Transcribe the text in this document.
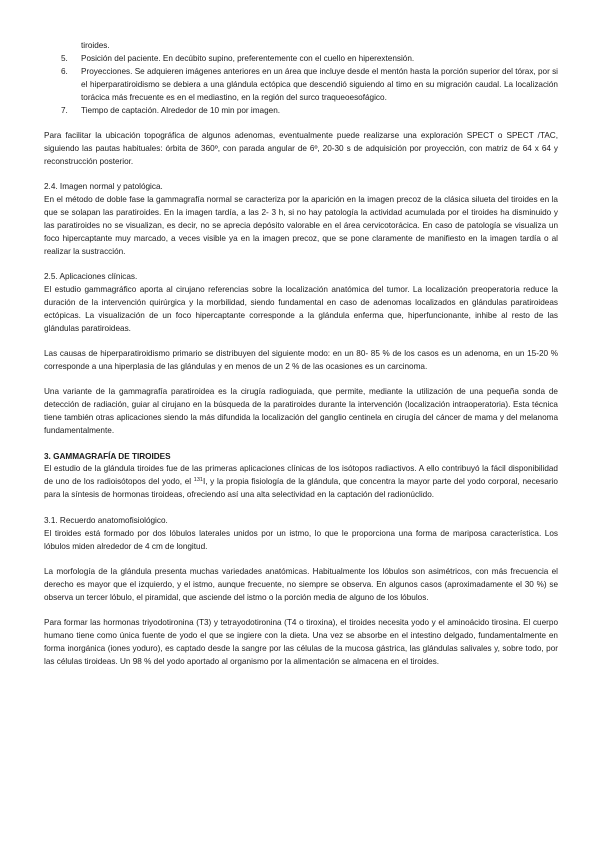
tiroides.
5. Posición del paciente. En decúbito supino, preferentemente con el cuello en hiperextensión.
6. Proyecciones. Se adquieren imágenes anteriores en un área que incluye desde el mentón hasta la porción superior del tórax, por si el hiperparatiroidismo se debiera a una glándula ectópica que descendió siguiendo al timo en su migración caudal. La localización torácica más frecuente es en el mediastino, en la región del surco traqueoesofágico.
7. Tiempo de captación. Alrededor de 10 min por imagen.

Para facilitar la ubicación topográfica de algunos adenomas, eventualmente puede realizarse una exploración SPECT o SPECT /TAC, siguiendo las pautas habituales: órbita de 360º, con parada angular de 6º, 20-30 s de adquisición por proyección, con matriz de 64 x 64 y reconstrucción posterior.

2.4. Imagen normal y patológica.

En el método de doble fase la gammagrafía normal se caracteriza por la aparición en la imagen precoz de la clásica silueta del tiroides en la que se solapan las paratiroides. En la imagen tardía, a las 2- 3 h, si no hay patología la actividad acumulada por el tiroides ha disminuido y las paratiroides no se visualizan, es decir, no se aprecia depósito valorable en el área cervicotorácica. En caso de patología se visualiza un foco hipercaptante muy marcado, a veces visible ya en la imagen precoz, que se pone claramente de manifiesto en la imagen tardía o al realizar la sustracción.

2.5. Aplicaciones clínicas.

El estudio gammagráfico aporta al cirujano referencias sobre la localización anatómica del tumor. La localización preoperatoria reduce la duración de la intervención quirúrgica y la morbilidad, siendo fundamental en caso de adenomas localizados en glándulas paratiroideas ectópicas. La visualización de un foco hipercaptante corresponde a la glándula enferma que, hiperfuncionante, inhibe al resto de las glándulas paratiroideas.

Las causas de hiperparatiroidismo primario se distribuyen del siguiente modo: en un 80- 85 % de los casos es un adenoma, en un 15-20 % corresponde a una hiperplasia de las glándulas y en menos de un 2 % de las ocasiones es un carcinoma.

Una variante de la gammagrafía paratiroidea es la cirugía radioguiada, que permite, mediante la utilización de una pequeña sonda de detección de radiación, guiar al cirujano en la búsqueda de la paratiroides durante la intervención (localización intraoperatoria). Esta técnica tiene también otras aplicaciones siendo la más difundida la localización del ganglio centinela en cirugía del cáncer de mama y del melanoma fundamentalmente.

3. GAMMAGRAFÍA DE TIROIDES

El estudio de la glándula tiroides fue de las primeras aplicaciones clínicas de los isótopos radiactivos. A ello contribuyó la fácil disponibilidad de uno de los radioisótopos del yodo, el $^{131}$I, y la propia fisiología de la glándula, que concentra la mayor parte del yodo corporal, necesario para la síntesis de hormonas tiroideas, ofreciendo así una alta selectividad en la captación del radionúclido.

3.1. Recuerdo anatomofisiológico.

El tiroides está formado por dos lóbulos laterales unidos por un istmo, lo que le proporciona una forma de mariposa característica. Los lóbulos miden alrededor de 4 cm de longitud.

La morfología de la glándula presenta muchas variedades anatómicas. Habitualmente los lóbulos son asimétricos, con más frecuencia el derecho es mayor que el izquierdo, y el istmo, aunque frecuente, no siempre se observa. En algunos casos (aproximadamente el 30 %) se observa un tercer lóbulo, el piramidal, que asciende del istmo o la porción media de alguno de los lóbulos.

Para formar las hormonas triyodotironina (T3) y tetrayodotironina (T4 o tiroxina), el tiroides necesita yodo y el aminoácido tirosina. El cuerpo humano tiene como única fuente de yodo el que se ingiere con la dieta. Una vez se absorbe en el intestino delgado, fundamentalmente en forma inorgánica (iones yoduro), es captado desde la sangre por las células de la mucosa gástrica, las glándulas salivales y, sobre todo, por las células tiroideas. Un 98 % del yodo aportado al organismo por la alimentación se almacena en el tiroides.
